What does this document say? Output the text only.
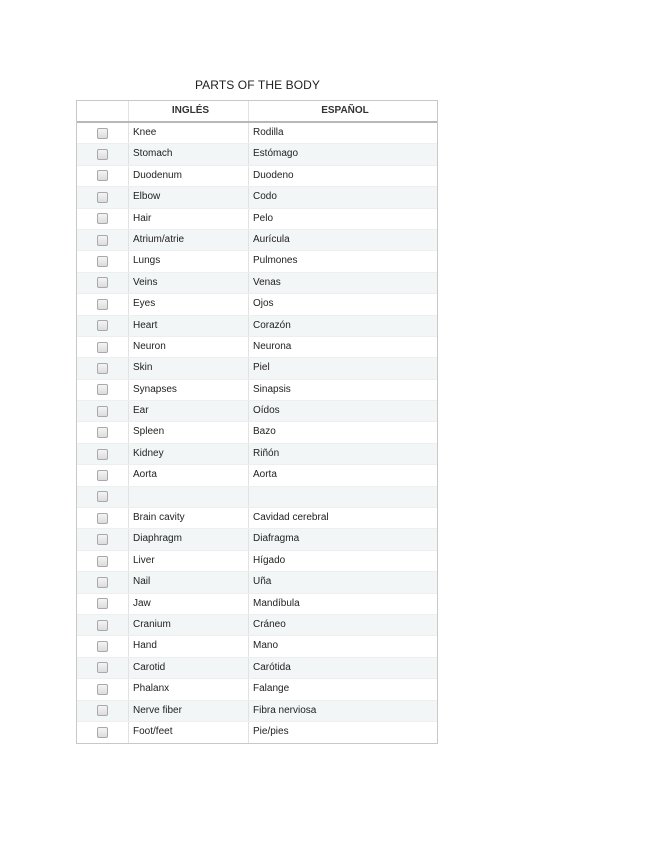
PARTS OF THE BODY
INGLÉS	ESPAÑOL
Knee	Rodilla
Stomach	Estómago
Duodenum	Duodeno
Elbow	Codo
Hair	Pelo
Atrium/atrie	Aurícula
Lungs	Pulmones
Veins	Venas
Eyes	Ojos
Heart	Corazón
Neuron	Neurona
Skin	Piel
Synapses	Sinapsis
Ear	Oídos
Spleen	Bazo
Kidney	Riñón
Aorta	Aorta
Brain cavity	Cavidad cerebral
Diaphragm	Diafragma
Liver	Hígado
Nail	Uña
Jaw	Mandíbula
Cranium	Cráneo
Hand	Mano
Carotid	Carótida
Phalanx	Falange
Nerve fiber	Fibra nerviosa
Foot/feet	Pie/pies
